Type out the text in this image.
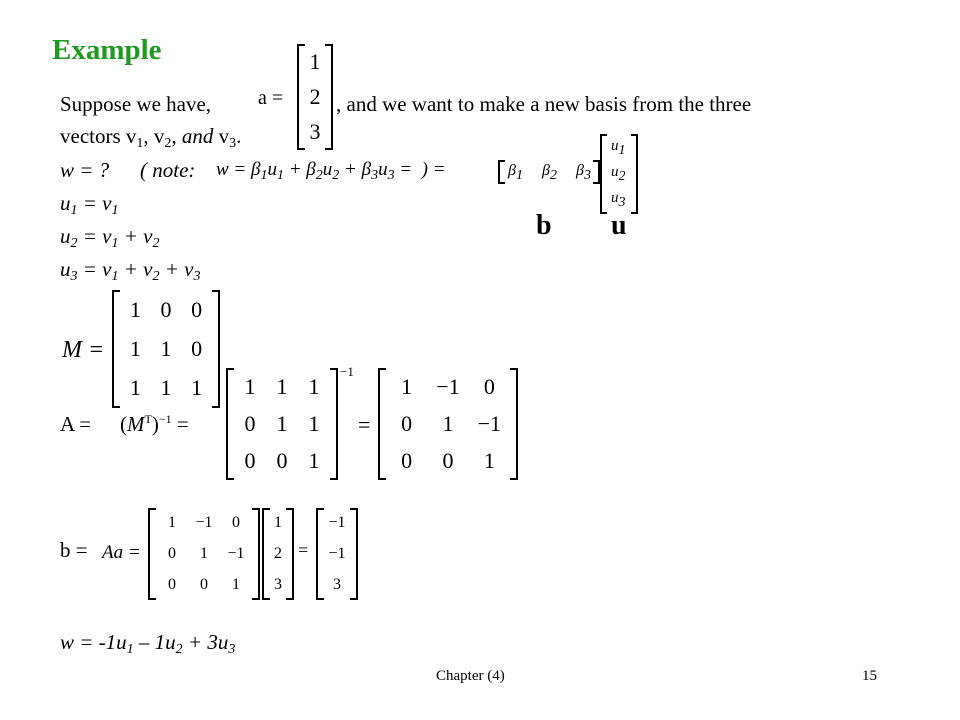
Example
a =
1
2
3
Suppose we have,	, and we want to make a new basis from the three
vectors $v_1$, $v_2$, and $v_3$.
w = ? ( note: $w = \beta_1u_1 + \beta_2u_2 + \beta_3u_3$ =  ) =	$\beta_1$ $\beta_2$ $\beta_3$
$u_1$
$u_2$
$u_3$
b u
$u_1 = v_1$
$u_2 = v_1 + v_2$
$u_3 = v_1 + v_2 + v_3$
M =
1 0 0
1 1 0
1 1 1
$A = (M^T)^{-1}$ =
1 1 1
0 1 1
0 0 1
−1
=
1	−1	0
0	1	−1
0	0	1
b = Aa =
1	−1	0
0	1	−1
0	0	1
1
2
3
=
−1
−1
3
$w = -1u_1 - 1u_2 + 3u_3$
Chapter (4)	15
